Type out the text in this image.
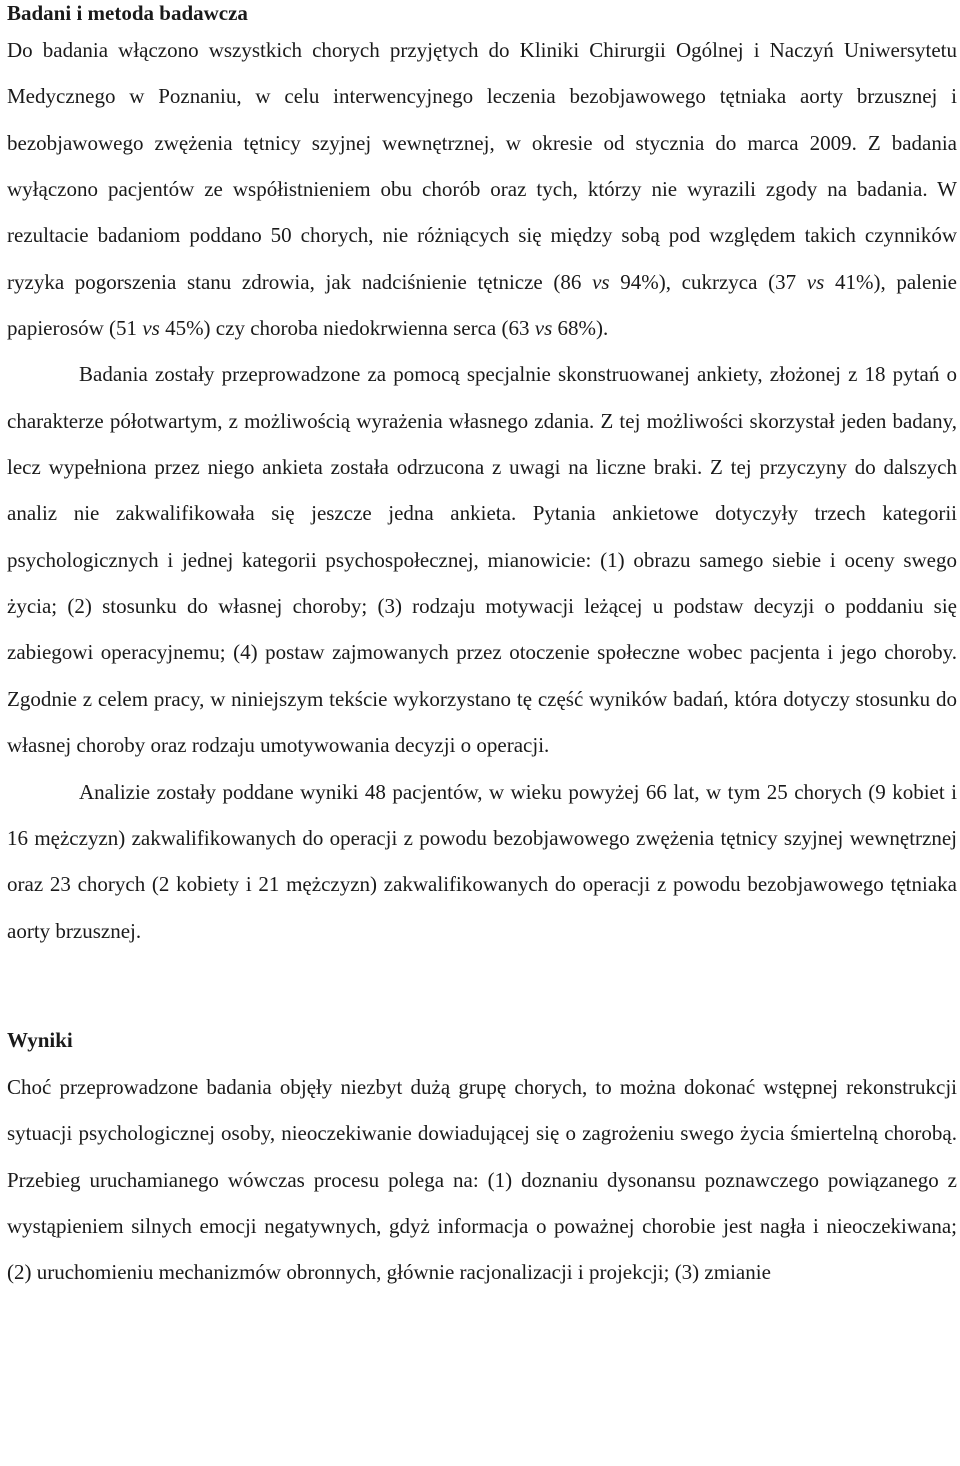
Badani i metoda badawcza

Do badania włączono wszystkich chorych przyjętych do Kliniki Chirurgii Ogólnej i Naczyń Uniwersytetu Medycznego w Poznaniu, w celu interwencyjnego leczenia bezobjawowego tętniaka aorty brzusznej i bezobjawowego zwężenia tętnicy szyjnej wewnętrznej, w okresie od stycznia do marca 2009. Z badania wyłączono pacjentów ze współistnieniem obu chorób oraz tych, którzy nie wyrazili zgody na badania. W rezultacie badaniom poddano 50 chorych, nie różniących się między sobą pod względem takich czynników ryzyka pogorszenia stanu zdrowia, jak nadciśnienie tętnicze (86 vs 94%), cukrzyca (37 vs 41%), palenie papierosów (51 vs 45%) czy choroba niedokrwienna serca (63 vs 68%).

Badania zostały przeprowadzone za pomocą specjalnie skonstruowanej ankiety, złożonej z 18 pytań o charakterze półotwartym, z możliwością wyrażenia własnego zdania. Z tej możliwości skorzystał jeden badany, lecz wypełniona przez niego ankieta została odrzucona z uwagi na liczne braki. Z tej przyczyny do dalszych analiz nie zakwalifikowała się jeszcze jedna ankieta. Pytania ankietowe dotyczyły trzech kategorii psychologicznych i jednej kategorii psychospołecznej, mianowicie: (1) obrazu samego siebie i oceny swego życia; (2) stosunku do własnej choroby; (3) rodzaju motywacji leżącej u podstaw decyzji o poddaniu się zabiegowi operacyjnemu; (4) postaw zajmowanych przez otoczenie społeczne wobec pacjenta i jego choroby. Zgodnie z celem pracy, w niniejszym tekście wykorzystano tę część wyników badań, która dotyczy stosunku do własnej choroby oraz rodzaju umotywowania decyzji o operacji.

Analizie zostały poddane wyniki 48 pacjentów, w wieku powyżej 66 lat, w tym 25 chorych (9 kobiet i 16 mężczyzn) zakwalifikowanych do operacji z powodu bezobjawowego zwężenia tętnicy szyjnej wewnętrznej oraz 23 chorych (2 kobiety i 21 mężczyzn) zakwalifikowanych do operacji z powodu bezobjawowego tętniaka aorty brzusznej.

Wyniki

Choć przeprowadzone badania objęły niezbyt dużą grupę chorych, to można dokonać wstępnej rekonstrukcji sytuacji psychologicznej osoby, nieoczekiwanie dowiadującej się o zagrożeniu swego życia śmiertelną chorobą. Przebieg uruchamianego wówczas procesu polega na: (1) doznaniu dysonansu poznawczego powiązanego z wystąpieniem silnych emocji negatywnych, gdyż informacja o poważnej chorobie jest nagła i nieoczekiwana; (2) uruchomieniu mechanizmów obronnych, głównie racjonalizacji i projekcji; (3) zmianie
